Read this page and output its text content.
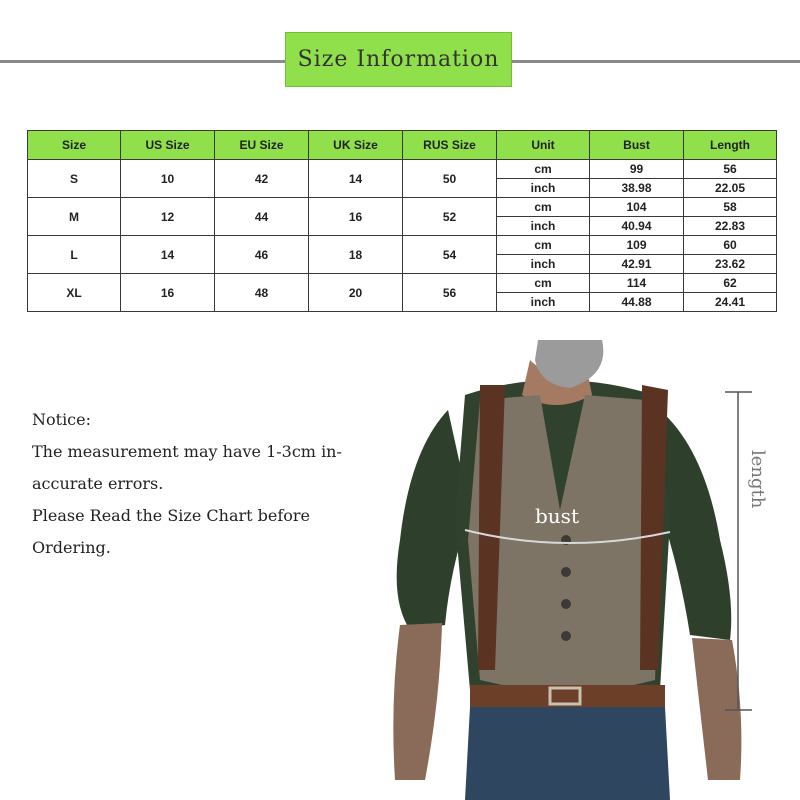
Size Information
Size	US Size	EU Size	UK Size	RUS Size	Unit	Bust	Length
S	10	42	14	50	cm	99	56
					inch	38.98	22.05
M	12	44	16	52	cm	104	58
					inch	40.94	22.83
L	14	46	18	54	cm	109	60
					inch	42.91	23.62
XL	16	48	20	56	cm	114	62
					inch	44.88	24.41
Notice:
The measurement may have 1-3cm in-
accurate errors.
Please Read the Size Chart before
Ordering.
bust
length
